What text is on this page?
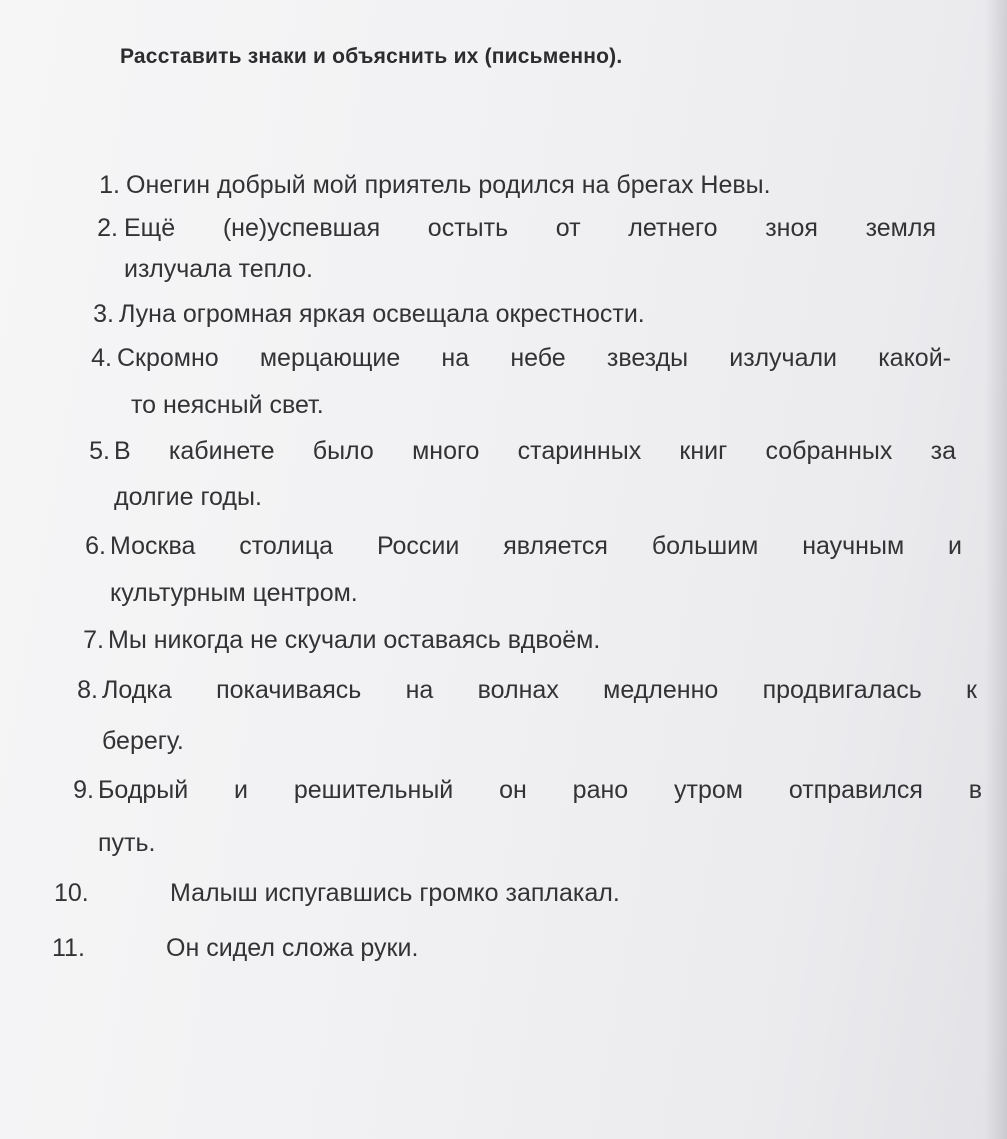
Расставить знаки и объяснить их (письменно).
1. Онегин добрый мой приятель родился на брегах Невы.
2. Ещё (не)успевшая остыть от летнего зноя земля
излучала тепло.
3. Луна огромная яркая освещала окрестности.
4. Скромно мерцающие на небе звезды излучали какой-
то неясный свет.
5. В кабинете было много старинных книг собранных за
долгие годы.
6. Москва столица России является большим научным и
культурным центром.
7. Мы никогда не скучали оставаясь вдвоём.
8. Лодка покачиваясь на волнах медленно продвигалась к
берегу.
9. Бодрый и решительный он рано утром отправился в
путь.
10.	Малыш испугавшись громко заплакал.
11.	Он сидел сложа руки.
